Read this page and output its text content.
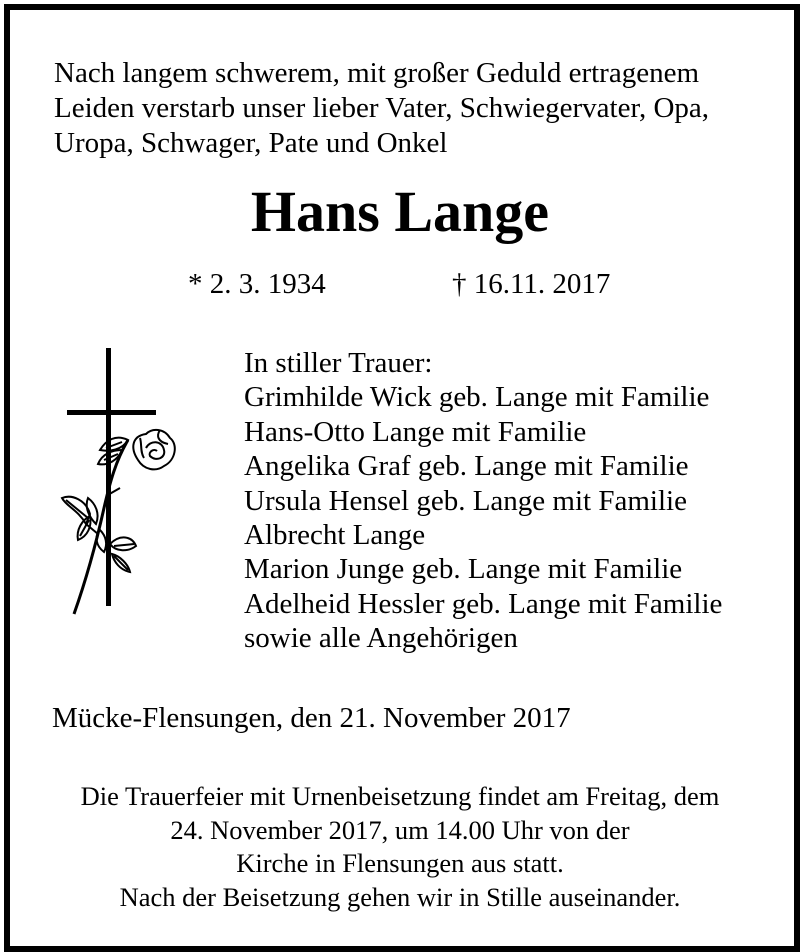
Nach langem schwerem, mit großer Geduld ertragenem
Leiden verstarb unser lieber Vater, Schwiegervater, Opa,
Uropa, Schwager, Pate und Onkel
Hans Lange
* 2. 3. 1934	† 16.11. 2017
In stiller Trauer:
Grimhilde Wick geb. Lange mit Familie
Hans-Otto Lange mit Familie
Angelika Graf geb. Lange mit Familie
Ursula Hensel geb. Lange mit Familie
Albrecht Lange
Marion Junge geb. Lange mit Familie
Adelheid Hessler geb. Lange mit Familie
sowie alle Angehörigen
Mücke-Flensungen, den 21. November 2017
Die Trauerfeier mit Urnenbeisetzung findet am Freitag, dem
24. November 2017, um 14.00 Uhr von der
Kirche in Flensungen aus statt.
Nach der Beisetzung gehen wir in Stille auseinander.
